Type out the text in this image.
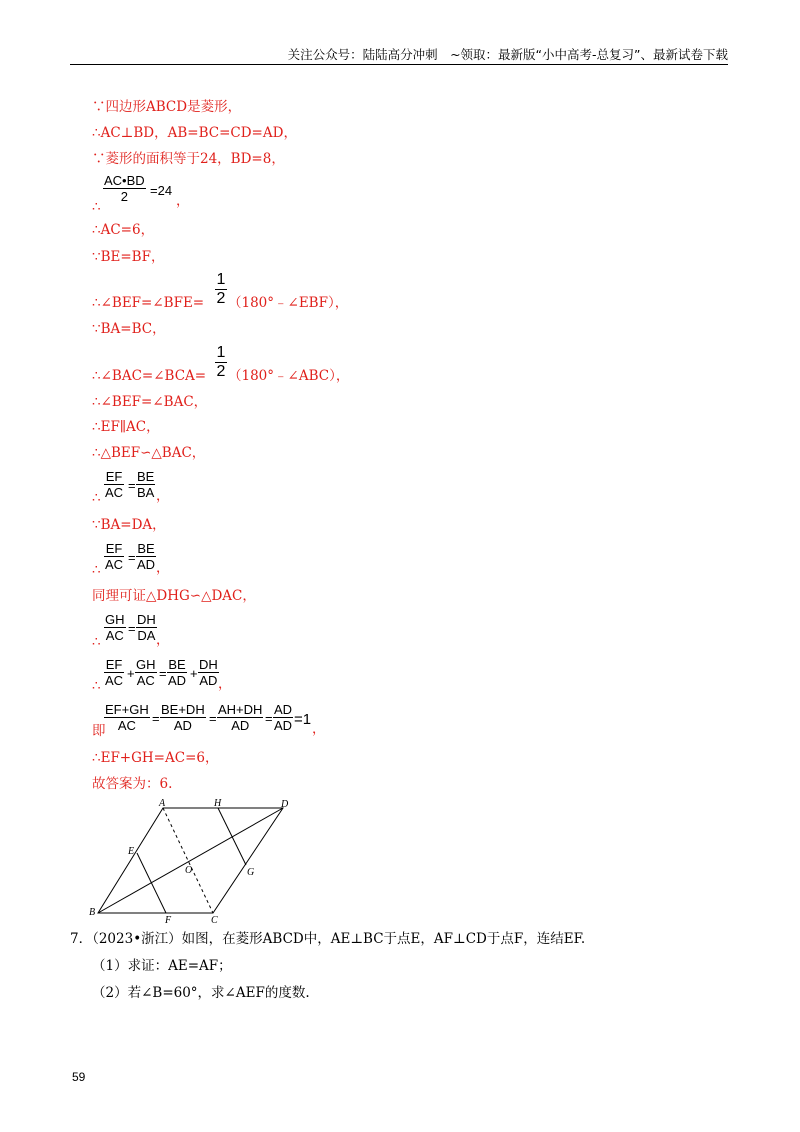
关注公众号：陆陆高分冲刺　~领取：最新版“小中高考-总复习”、最新试卷下载
∵四边形ABCD是菱形，
∴AC⊥BD，AB=BC=CD=AD，
∵菱形的面积等于24，BD=8，
AC•BD
2	=24
∴	，
∴AC=6，
∵BE=BF，
∴∠BEF=∠BFE=
1
2 （180°﹣∠EBF），
∵BA=BC，
∴∠BAC=∠BCA=
1
2 （180°﹣∠ABC），
∴∠BEF=∠BAC，
∴EF∥AC，
∴△BEF∽△BAC，
∴
EF
AC =
BE
BA ，
∵BA=DA，
∴
EF
AC =
BE
AD ，
同理可证△DHG∽△DAC，
∴
GH
AC =
DH
DA ，
∴
EF
AC +
GH
AC =
BE
AD +
DH
AD ，
即
EF+GH
AC	=
BE+DH
AD	=
AH+DH
AD	=
AD
AD =1
，
∴EF+GH=AC=6，
故答案为：6.
A	H	D
E
O	G
B
F	C
7．（2023•浙江）如图，在菱形ABCD中，AE⊥BC于点E，AF⊥CD于点F，连结EF.
（1）求证：AE=AF；
（2）若∠B=60°，求∠AEF的度数.
59
